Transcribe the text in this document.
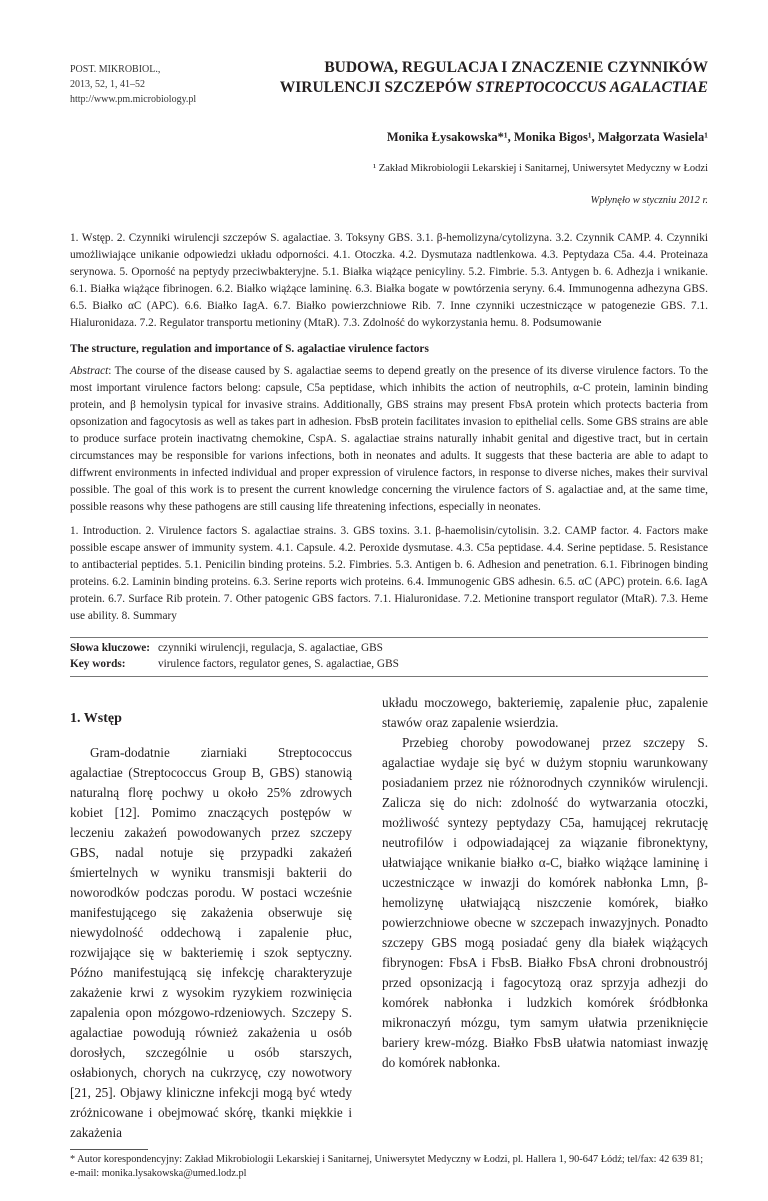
POST. MIKROBIOL.,
2013, 52, 1, 41–52
http://www.pm.microbiology.pl
BUDOWA, REGULACJA I ZNACZENIE CZYNNIKÓW
WIRULENCJI SZCZEPÓW STREPTOCOCCUS AGALACTIAE
Monika Łysakowska*¹, Monika Bigos¹, Małgorzata Wasiela¹
¹ Zakład Mikrobiologii Lekarskiej i Sanitarnej, Uniwersytet Medyczny w Łodzi
Wpłynęło w styczniu 2012 r.
1. Wstęp. 2. Czynniki wirulencji szczepów S. agalactiae. 3. Toksyny GBS. 3.1. β-hemolizyna/cytolizyna. 3.2. Czynnik CAMP. 4. Czynniki umożliwiające unikanie odpowiedzi układu odporności. 4.1. Otoczka. 4.2. Dysmutaza nadtlenkowa. 4.3. Peptydaza C5a. 4.4. Proteinaza serynowa. 5. Oporność na peptydy przeciwbakteryjne. 5.1. Białka wiążące penicyliny. 5.2. Fimbrie. 5.3. Antygen b. 6. Adhezja i wnikanie. 6.1. Białka wiążące fibrinogen. 6.2. Białko wiążące lamininę. 6.3. Białka bogate w powtórzenia seryny. 6.4. Immunogenna adhezyna GBS. 6.5. Białko αC (APC). 6.6. Białko IagA. 6.7. Białko powierzchniowe Rib. 7. Inne czynniki uczestniczące w patogenezie GBS. 7.1. Hialuronidaza. 7.2. Regulator transportu metioniny (MtaR). 7.3. Zdolność do wykorzystania hemu. 8. Podsumowanie
The structure, regulation and importance of S. agalactiae virulence factors
Abstract: The course of the disease caused by S. agalactiae seems to depend greatly on the presence of its diverse virulence factors. To the most important virulence factors belong: capsule, C5a peptidase, which inhibits the action of neutrophils, α-C protein, laminin binding protein, and β hemolysin typical for invasive strains. Additionally, GBS strains may present FbsA protein which protects bacteria from opsonization and fagocytosis as well as takes part in adhesion. FbsB protein facilitates invasion to epithelial cells. Some GBS strains are able to produce surface protein inactivatng chemokine, CspA. S. agalactiae strains naturally inhabit genital and digestive tract, but in certain circumstances may be responsible for varions infections, both in neonates and adults. It suggests that these bacteria are able to adapt to diffwrent environments in infected individual and proper expression of virulence factors, in response to diverse niches, makes their survival possible. The goal of this work is to present the current knowledge concerning the virulence factors of S. agalactiae and, at the same time, possible reasons why these pathogens are still causing life threatening infections, especially in neonates.
1. Introduction. 2. Virulence factors S. agalactiae strains. 3. GBS toxins. 3.1. β-haemolisin/cytolisin. 3.2. CAMP factor. 4. Factors make possible escape answer of immunity system. 4.1. Capsule. 4.2. Peroxide dysmutase. 4.3. C5a peptidase. 4.4. Serine peptidase. 5. Resistance to antibacterial peptides. 5.1. Penicilin binding proteins. 5.2. Fimbries. 5.3. Antigen b. 6. Adhesion and penetration. 6.1. Fibrinogen binding proteins. 6.2. Laminin binding proteins. 6.3. Serine reports wich proteins. 6.4. Immunogenic GBS adhesin. 6.5. αC (APC) protein. 6.6. IagA protein. 6.7. Surface Rib protein. 7. Other patogenic GBS factors. 7.1. Hialuronidase. 7.2. Metionine transport regulator (MtaR). 7.3. Heme use ability. 8. Summary
Słowa kluczowe: czynniki wirulencji, regulacja, S. agalactiae, GBS
Key words:	virulence factors, regulator genes, S. agalactiae, GBS
1. Wstęp

Gram-dodatnie ziarniaki Streptococcus agalactiae (Streptococcus Group B, GBS) stanowią naturalną florę pochwy u około 25% zdrowych kobiet [12]. Pomimo znaczących postępów w leczeniu zakażeń powodowanych przez szczepy GBS, nadal notuje się przypadki zakażeń śmiertelnych w wyniku transmisji bakterii do noworodków podczas porodu. W postaci wcześnie manifestującego się zakażenia obserwuje się niewydolność oddechową i zapalenie płuc, rozwijające się w bakteriemię i szok septyczny. Późno manifestującą się infekcję charakteryzuje zakażenie krwi z wysokim ryzykiem rozwinięcia zapalenia opon mózgowo-rdzeniowych. Szczepy S. agalactiae powodują również zakażenia u osób dorosłych, szczególnie u osób starszych, osłabionych, chorych na cukrzycę, czy nowotwory [21, 25]. Objawy kliniczne infekcji mogą być wtedy zróżnicowane i obejmować skórę, tkanki miękkie i zakażenia

układu moczowego, bakteriemię, zapalenie płuc, zapalenie stawów oraz zapalenie wsierdzia.

Przebieg choroby powodowanej przez szczepy S. agalactiae wydaje się być w dużym stopniu warunkowany posiadaniem przez nie różnorodnych czynników wirulencji. Zalicza się do nich: zdolność do wytwarzania otoczki, możliwość syntezy peptydazy C5a, hamującej rekrutację neutrofilów i odpowiadającej za wiązanie fibronektyny, ułatwiające wnikanie białko α-C, białko wiążące lamininę i uczestniczące w inwazji do komórek nabłonka Lmn, β-hemolizynę ułatwiającą niszczenie komórek, białko powierzchniowe obecne w szczepach inwazyjnych. Ponadto szczepy GBS mogą posiadać geny dla białek wiążących fibrynogen: FbsA i FbsB. Białko FbsA chroni drobnoustrój przed opsonizacją i fagocytozą oraz sprzyja adhezji do komórek nabłonka i ludzkich komórek śródbłonka mikronaczyń mózgu, tym samym ułatwia przeniknięcie bariery krew-mózg. Białko FbsB ułatwia natomiast inwazję do komórek nabłonka.

* Autor korespondencyjny: Zakład Mikrobiologii Lekarskiej i Sanitarnej, Uniwersytet Medyczny w Łodzi, pl. Hallera 1, 90-647 Łódź; tel/fax: 42 639 81; e-mail: monika.lysakowska@umed.lodz.pl
